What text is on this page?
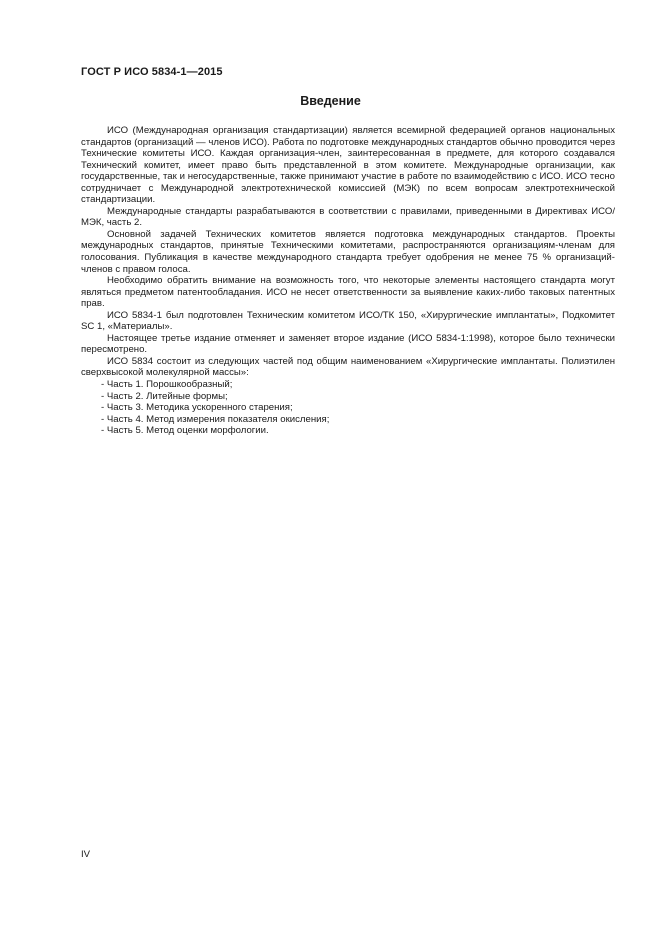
ГОСТ Р ИСО 5834-1—2015
Введение

ИСО (Международная организация стандартизации) является всемирной федерацией органов национальных стандартов (организаций — членов ИСО). Работа по подготовке международных стандартов обычно проводится через Технические комитеты ИСО. Каждая организация-член, заинтересованная в предмете, для которого создавался Технический комитет, имеет право быть представленной в этом комитете. Международные организации, как государственные, так и негосударственные, также принимают участие в работе по взаимодействию с ИСО. ИСО тесно сотрудничает с Международной электротехнической комиссией (МЭК) по всем вопросам электротехнической стандартизации.

Международные стандарты разрабатываются в соответствии с правилами, приведенными в Директивах ИСО/МЭК, часть 2.

Основной задачей Технических комитетов является подготовка международных стандартов. Проекты международных стандартов, принятые Техническими комитетами, распространяются организациям-членам для голосования. Публикация в качестве международного стандарта требует одобрения не менее 75 % организаций-членов с правом голоса.

Необходимо обратить внимание на возможность того, что некоторые элементы настоящего стандарта могут являться предметом патентообладания. ИСО не несет ответственности за выявление каких-либо таковых патентных прав.

ИСО 5834-1 был подготовлен Техническим комитетом ИСО/ТК 150, «Хирургические имплантаты», Подкомитет SC 1, «Материалы».

Настоящее третье издание отменяет и заменяет второе издание (ИСО 5834-1:1998), которое было технически пересмотрено.

ИСО 5834 состоит из следующих частей под общим наименованием «Хирургические имплантаты. Полиэтилен сверхвысокой молекулярной массы»:

- Часть 1. Порошкообразный;
- Часть 2. Литейные формы;
- Часть 3. Методика ускоренного старения;
- Часть 4. Метод измерения показателя окисления;
- Часть 5. Метод оценки морфологии.
IV
